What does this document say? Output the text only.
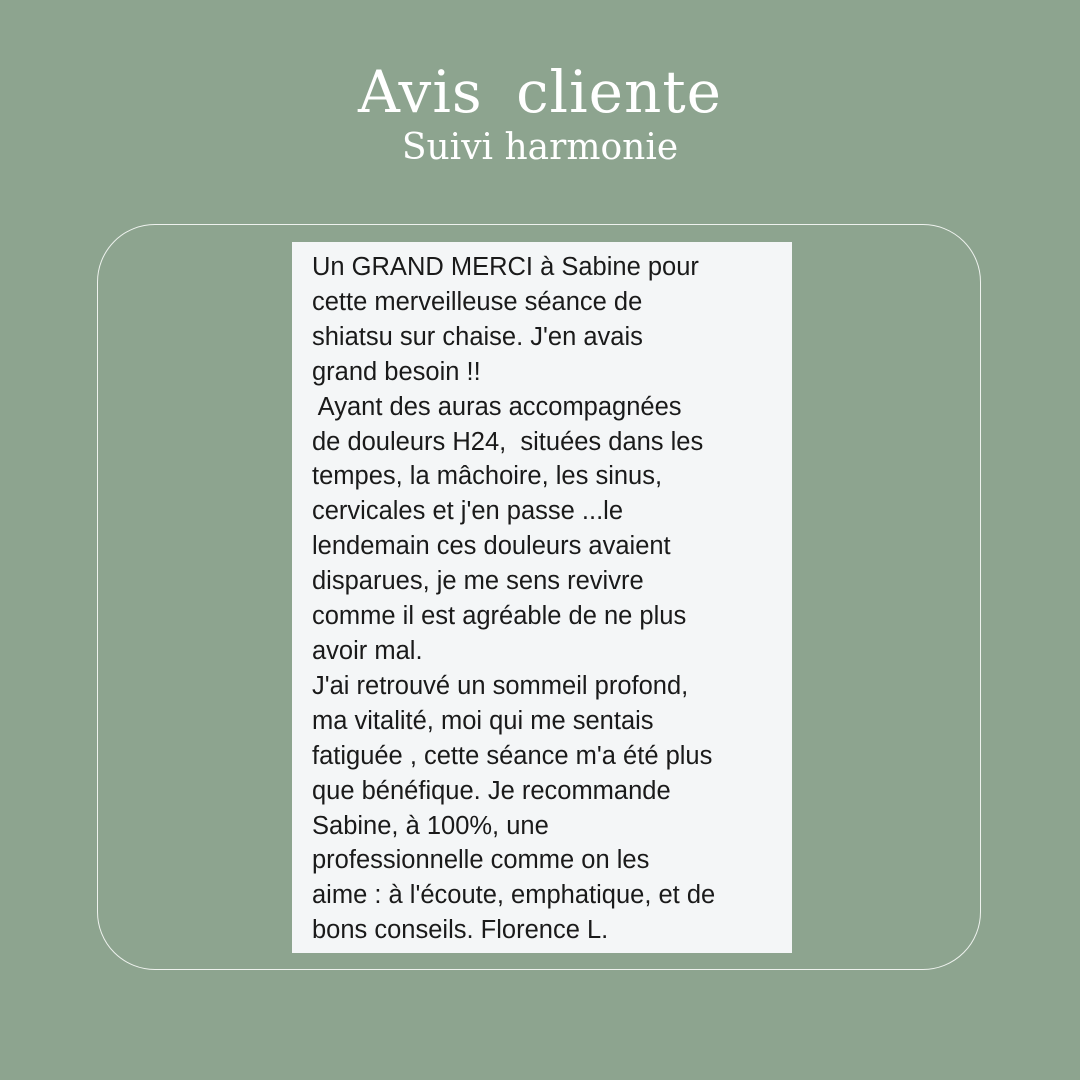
Avis cliente
Suivi harmonie

Un GRAND MERCI à Sabine pour
cette merveilleuse séance de
shiatsu sur chaise. J'en avais
grand besoin !!
Ayant des auras accompagnées
de douleurs H24,  situées dans les
tempes, la mâchoire, les sinus,
cervicales et j'en passe ...le
lendemain ces douleurs avaient
disparues, je me sens revivre
comme il est agréable de ne plus
avoir mal.
J'ai retrouvé un sommeil profond,
ma vitalité, moi qui me sentais
fatiguée , cette séance m'a été plus
que bénéfique. Je recommande
Sabine, à 100%, une
professionnelle comme on les
aime : à l'écoute, emphatique, et de
bons conseils. Florence L.
